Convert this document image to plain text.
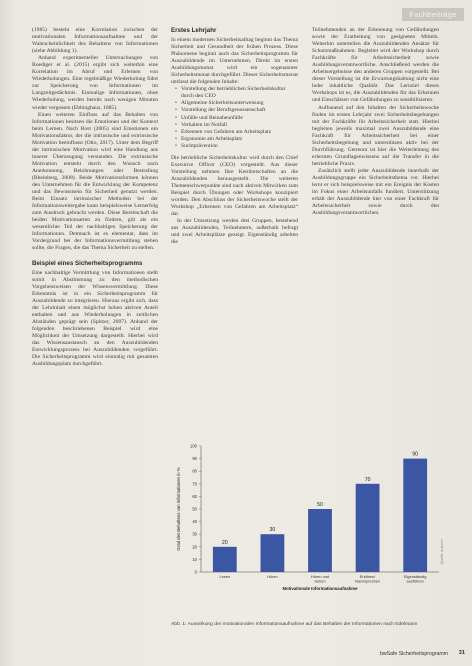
Fachbeiträge

(1985) besteht eine Korrelation zwischen der motivationalen Informationsaufnahme und der Wahrscheinlichkeit des Behaltens von Informationen (siehe Abbildung 1).

Anhand experimenteller Untersuchungen von Roediger et al. (2015) ergibt sich weiterhin eine Korrelation im Abruf und Erlernen von Wiederholungen. Eine regelmäßige Wiederholung führt zur Speicherung von Informationen im Langzeitgedächtnis. Einmalige Informationen, ohne Wiederholung, werden bereits nach wenigen Minuten wieder vergessen (Ebbinghaus, 1885).

Einen weiteren Einfluss auf das Behalten von Informationen besitzen die Emotionen und der Kontext beim Lernen. Nach Rost (2005) sind Emotionen ein Motivationsfaktor, der die intrinsische und extrinsische Motivation beeinflusst (Otto, 2017). Unter dem Begriff der intrinsischen Motivation wird eine Handlung aus innerer Überzeugung verstanden. Die extrinsische Motivation entsteht durch den Wunsch nach Anerkennung, Belohnungen oder Bestrafung (Rheinberg, 2008). Beide Motivationsformen können den Unternehmen für die Entwicklung der Kompetenz und das Bewusstsein für Sicherheit genutzt werden. Beim Einsatz intrinsischer Methoden bei der Informationsweitergabe kann beispielsweise Lernerfolg zum Ausdruck gebracht werden. Diese Bereitschaft die beiden Motivationsarten zu fördern, gilt als ein wesentlicher Teil der nachhaltigen Speicherung der Informationen. Demnach ist es elementar, dass im Vordergrund bei der Informationsvermittlung stehen sollte, die Fragen, die das Thema Sicherheit zu stellen.

Beispiel eines Sicherheitsprogramms

Eine nachhaltige Vermittlung von Informationen stellt somit in Abstimmung zu den methodischen Vorgehensweisen der Wissensvermittlung. Diese Erkenntnis ist in ein Sicherheitsprogramm für Auszubildende zu integrieren. Hieraus ergibt sich, dass der Lehrinhalt einen möglichst hohen aktiven Anteil enthalten und aus Wiederholungen in zeitlichen Abständen geprägt sein (Spitzer, 2007). Anhand der folgenden beschriebenen Beispiel wird eine Möglichkeit der Umsetzung dargestellt. Hierbei wird das Wissensaustausch an den Auszubildenden Entwicklungsprozess bei Auszubildenden vorgeführt. Die Sicherheitsprogramm wird einmalig mit gesamten Ausbildungsplatz durchgeführt.

Erstes Lehrjahr

In einem modernen Sicherheitsalltag beginnt das Thema Sicherheit und Gesundheit der frühen Prozess. Diese Phänomene beginnt auch das Sicherheitsprogramm für Auszubildende im Unternehmen. Direkt im ersten Ausbildungsmonat wird ein sogenannter Sicherheitsmonat durchgeführt. Dieser Sicherheitsmonat umfasst die folgenden Inhalte:

• Vorstellung der betrieblichen Sicherheitskultur durch den CEO
• Allgemeine Sicherheitsunterweisung
• Vorstellung der Berufsgenossenschaft
• Unfälle und Beinaheunfälle
• Verhalten im Notfall
• Erkennen von Gefahren am Arbeitsplatz
• Ergonomie am Arbeitsplatz
• Suchtprävention

Die betriebliche Sicherheitskultur wird durch den Chief Executive Officer (CEO) vorgestellt. Aus dieser Vorstellung nehmen Ihre Kernbotschaften an die Auszubildenden herausgestellt. Die weiteren Themenschwerpunkte sind nach aktiven Mitwirken zum Beispiel durch Übungen oder Workshops konzipiert worden. Den Abschluss der Sicherheitswoche stellt der Workshop „Erkennen von Gefahren am Arbeitsplatz“ dar.

In der Umsetzung werden drei Gruppen, bestehend aus Auszubildenden, Teilnehmern, außerhalb befragt und zwei Arbeitsplätze gezeigt. Eigenständig arbeiten die

Teilnehmenden an der Erkennung von Gefährdungen sowie der Erarbeitung von geeigneten Mitteln. Weiterhin unterteilen die Auszubildenden Ansätze für Schutzmaßnahmen. Begleitet wird der Workshop durch Fachkräfte für Arbeitssicherheit sowie Ausbildungsverantwortliche. Anschließend werden die Arbeitsergebnisse den anderen Gruppen vorgestellt. Bei dieser Vorstellung ist die Erwartungshaltung nicht eine hohe inhaltliche Qualität. Das Lernziel dieses Workshops ist es, die Auszubildenden für das Erkennen und Einschätzen von Gefährdungen zu sensibilisieren.

Aufbauend auf den Inhalten der Sicherheitswoche finden im ersten Lehrjahr zwei Sicherheitsbegehungen mit der Fachkräfte für Arbeitssicherheit statt. Hierbei begleiten jeweils maximal zwei Auszubildende eine Fachkraft für Arbeitssicherheit bei einer Sicherheitsbegehung und unterstützen aktiv bei der Durchführung. Getrennt ist hier die Weiterleitung des erlernten Grundlagenwissens auf die Transfer in die betriebliche Praxis.

Zusätzlich stellt jeder Auszubildende innerhalb der Ausbildungsgruppe ein Sicherheitsthema vor. Hierbei lernt er sich beispielsweise mit ein Ereignis der Kosten im Fokus einer Arbeitsunfalls fundiert. Unterstützung erhält der Auszubildende hier von einer Fachkraft für Arbeitssicherheit sowie durch den Ausbildungsverantwortlichen.

0
10
20
30
40
50
60
70
80
90
100
20
Lesen
30
Hören
50
Hören und
Sehen
70
Erklären/
Nachsprechen
90
Eigenständig
ausführen
Motivationale Informationsaufnahme
Grad des Behaltens von Informationen in %
Quelle: Autoren
Abb. 1: Auswirkung der motivationalen Informationsaufnahme auf das Behalten der Informationen nach Edelmann
bwSafe Sicherheitsprogramm	31
